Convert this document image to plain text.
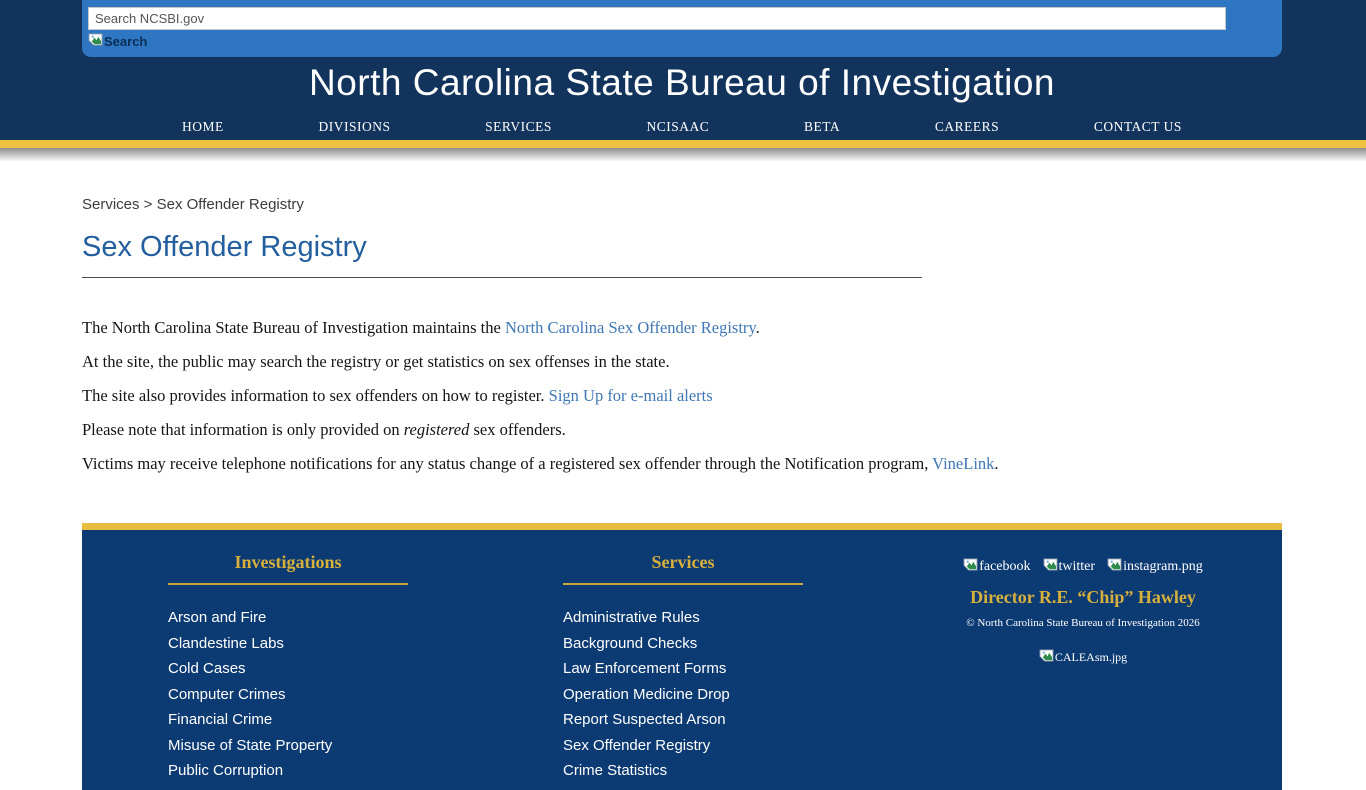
Search NCSBI.gov
Search
North Carolina State Bureau of Investigation
HOME	DIVISIONS	SERVICES	NCISAAC	BETA	CAREERS	CONTACT US
Services > Sex Offender Registry
Sex Offender Registry

The North Carolina State Bureau of Investigation maintains the North Carolina Sex Offender Registry.

At the site, the public may search the registry or get statistics on sex offenses in the state.

The site also provides information to sex offenders on how to register. Sign Up for e-mail alerts

Please note that information is only provided on registered sex offenders.

Victims may receive telephone notifications for any status change of a registered sex offender through the Notification program, VineLink.

Investigations
Arson and Fire
Clandestine Labs
Cold Cases
Computer Crimes
Financial Crime
Misuse of State Property
Public Corruption
Services
Administrative Rules
Background Checks
Law Enforcement Forms
Operation Medicine Drop
Report Suspected Arson
Sex Offender Registry
Crime Statistics
facebook twitter instagram.png
Director R.E. “Chip” Hawley
© North Carolina State Bureau of Investigation 2026
CALEAsm.jpg
